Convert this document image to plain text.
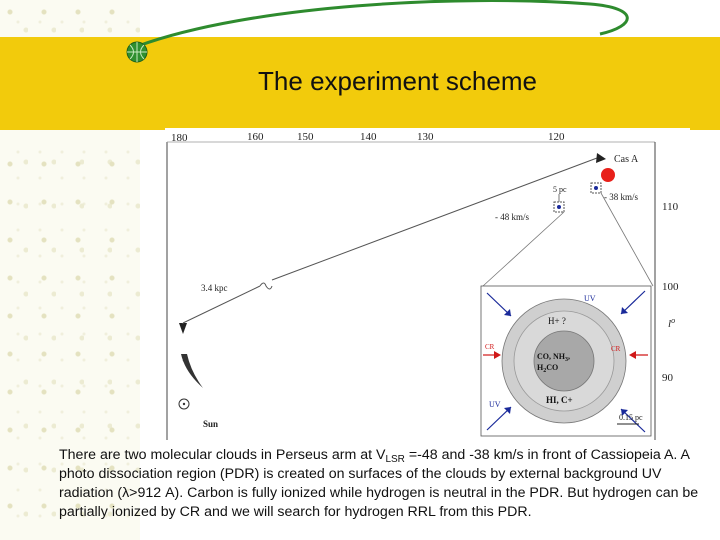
The experiment scheme
180	160	150	140	130	120
110
100
90
$l^o$
3.4 kpc
Cas A
- 38 km/s
- 48 km/s
5 pc
H+ ?
CO, $NH_3$,
$H_2CO$
HI, C+
UV
UV
CR	CR
0.15 pc
Sun

There are two molecular clouds in Perseus arm at $V_{LSR} =-48$ and -38 km/s in front of Cassiopeia A. A photo dissociation region (PDR) is created on surfaces of the clouds by external background UV radiation (λ>912 A). Carbon is fully ionized while hydrogen is neutral in the PDR. But hydrogen can be partially ionized by CR and we will search for hydrogen RRL from this PDR.
